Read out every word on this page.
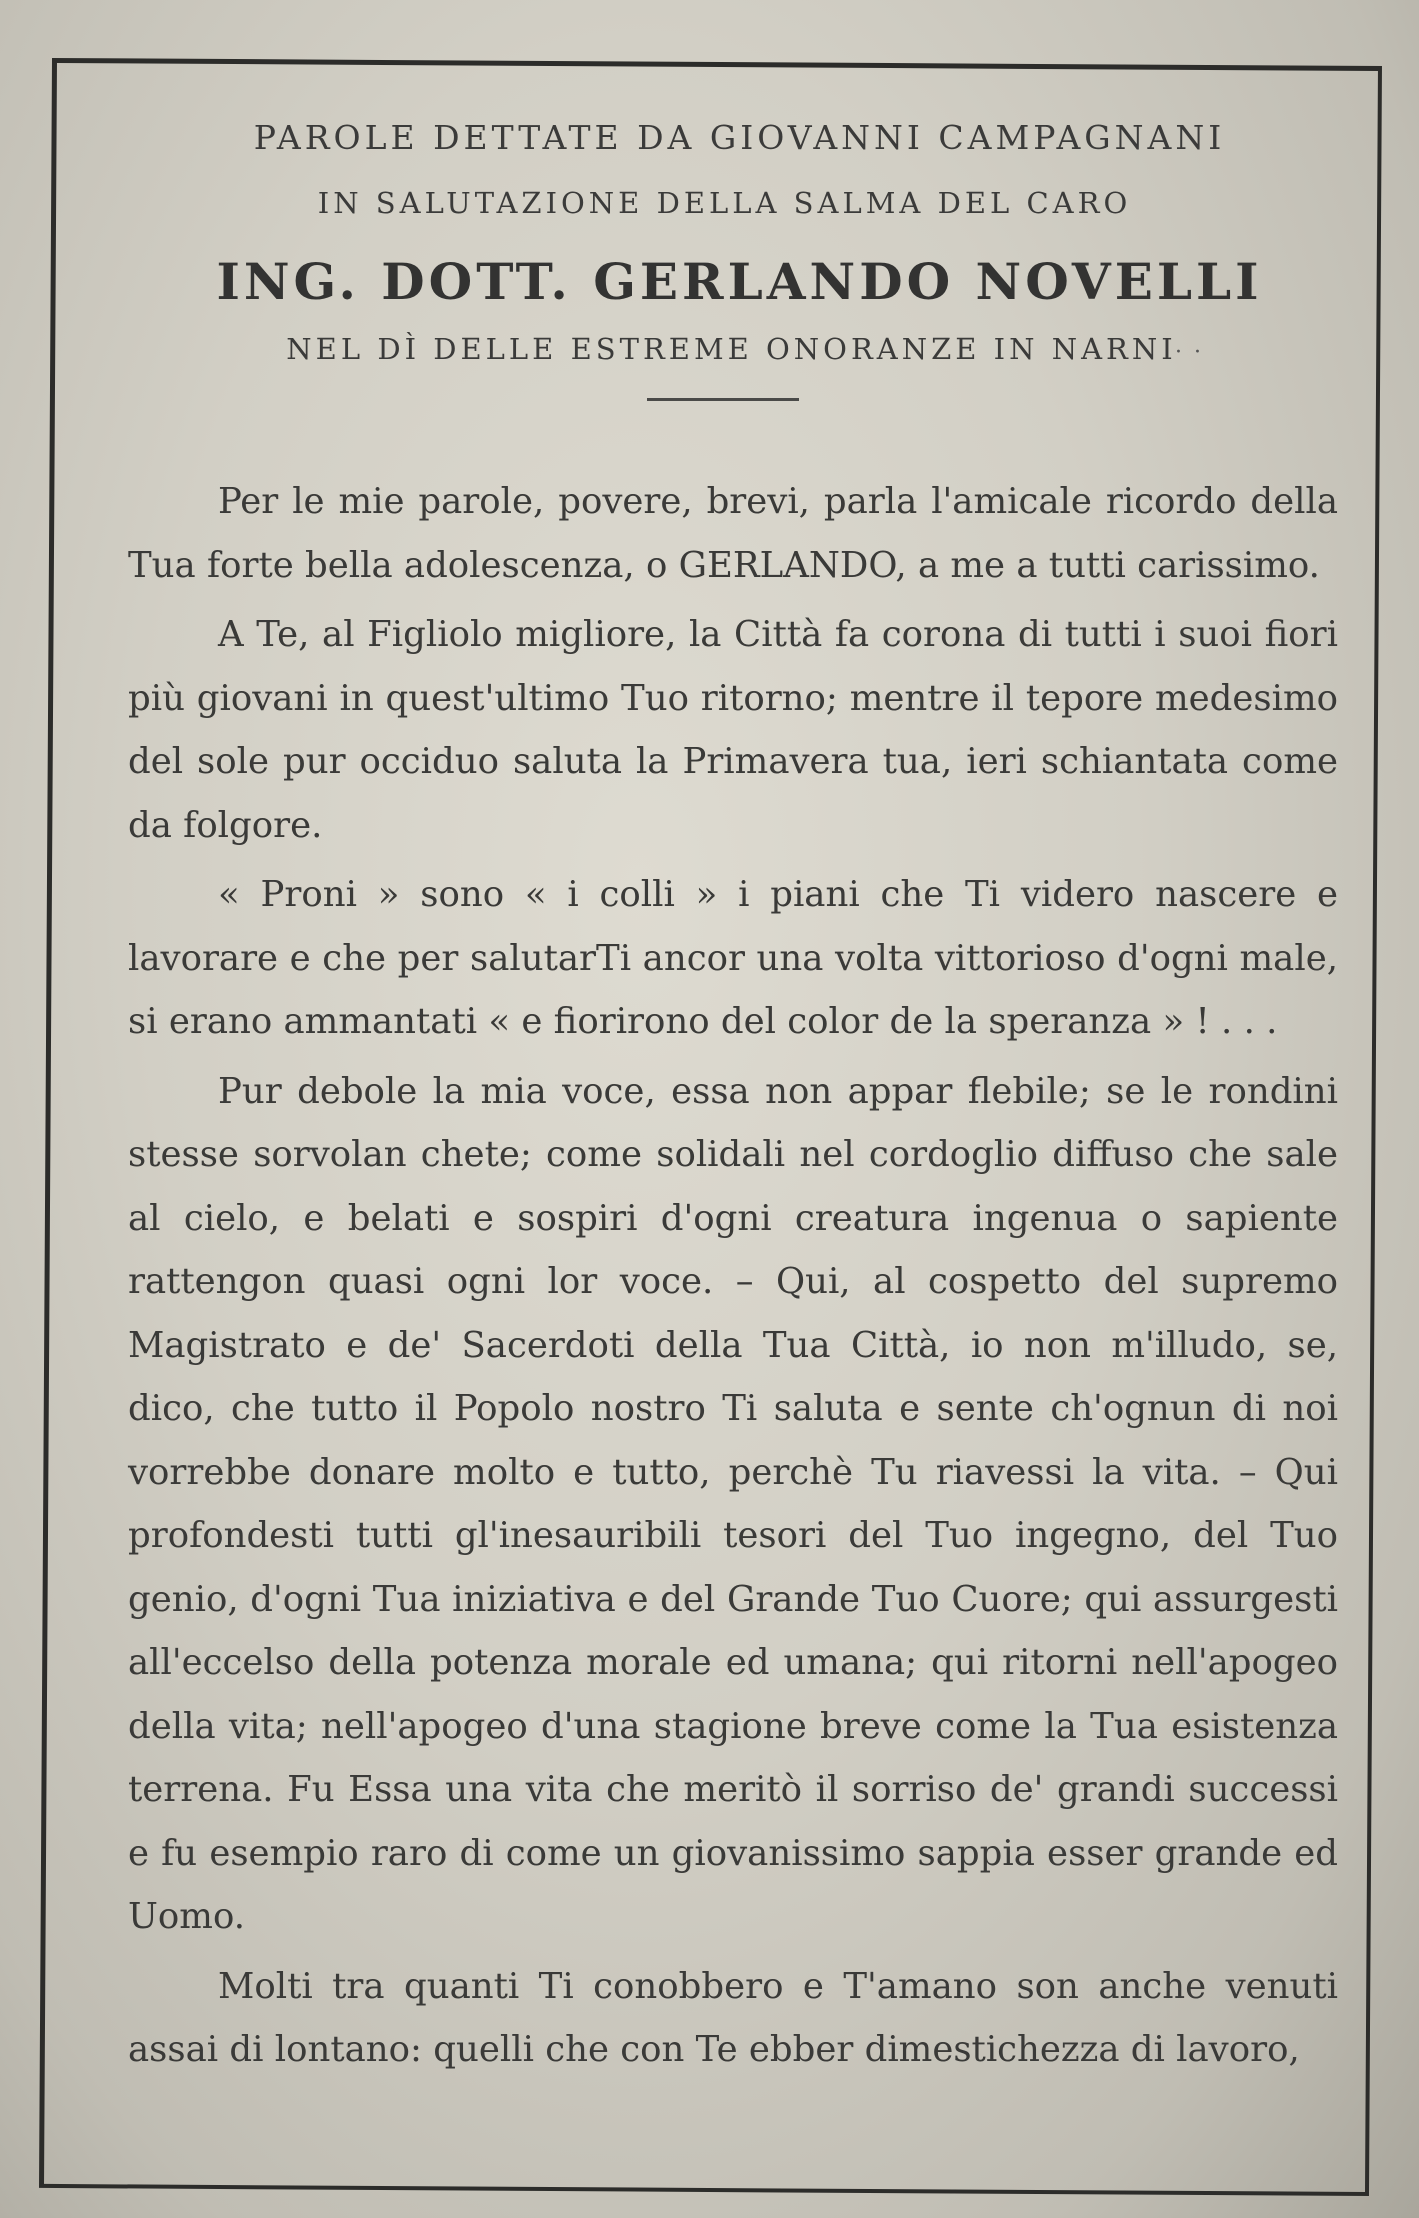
PAROLE DETTATE DA GIOVANNI CAMPAGNANI
IN SALUTAZIONE DELLA SALMA DEL CARO
ING. DOTT. GERLANDO NOVELLI
NEL DÌ DELLE ESTREME ONORANZE IN NARNI
··

Per le mie parole, povere, brevi, parla l'amicale ricordo della Tua forte bella adolescenza, o GERLANDO, a me a tutti carissimo.

A Te, al Figliolo migliore, la Città fa corona di tutti i suoi fiori più giovani in quest'ultimo Tuo ritorno; mentre il tepore medesimo del sole pur occiduo saluta la Primavera tua, ieri schiantata come da folgore.

« Proni » sono « i colli » i piani che Ti videro nascere e lavorare e che per salutarTi ancor una volta vittorioso d'ogni male, si erano ammantati « e fiorirono del color de la speranza » ! . . .

Pur debole la mia voce, essa non appar flebile; se le rondini stesse sorvolan chete; come solidali nel cordoglio diffuso che sale al cielo, e belati e sospiri d'ogni creatura ingenua o sapiente rattengon quasi ogni lor voce. – Qui, al cospetto del supremo Magistrato e de' Sacerdoti della Tua Città, io non m'illudo, se, dico, che tutto il Popolo nostro Ti saluta e sente ch'ognun di noi vorrebbe donare molto e tutto, perchè Tu riavessi la vita. – Qui profondesti tutti gl'inesauribili tesori del Tuo ingegno, del Tuo genio, d'ogni Tua iniziativa e del Grande Tuo Cuore; qui assurgesti all'eccelso della potenza morale ed umana; qui ritorni nell'apogeo della vita; nell'apogeo d'una stagione breve come la Tua esistenza terrena. Fu Essa una vita che meritò il sorriso de' grandi successi e fu esempio raro di come un giovanissimo sappia esser grande ed Uomo.

Molti tra quanti Ti conobbero e T'amano son anche venuti assai di lontano: quelli che con Te ebber dimestichezza di lavoro,
